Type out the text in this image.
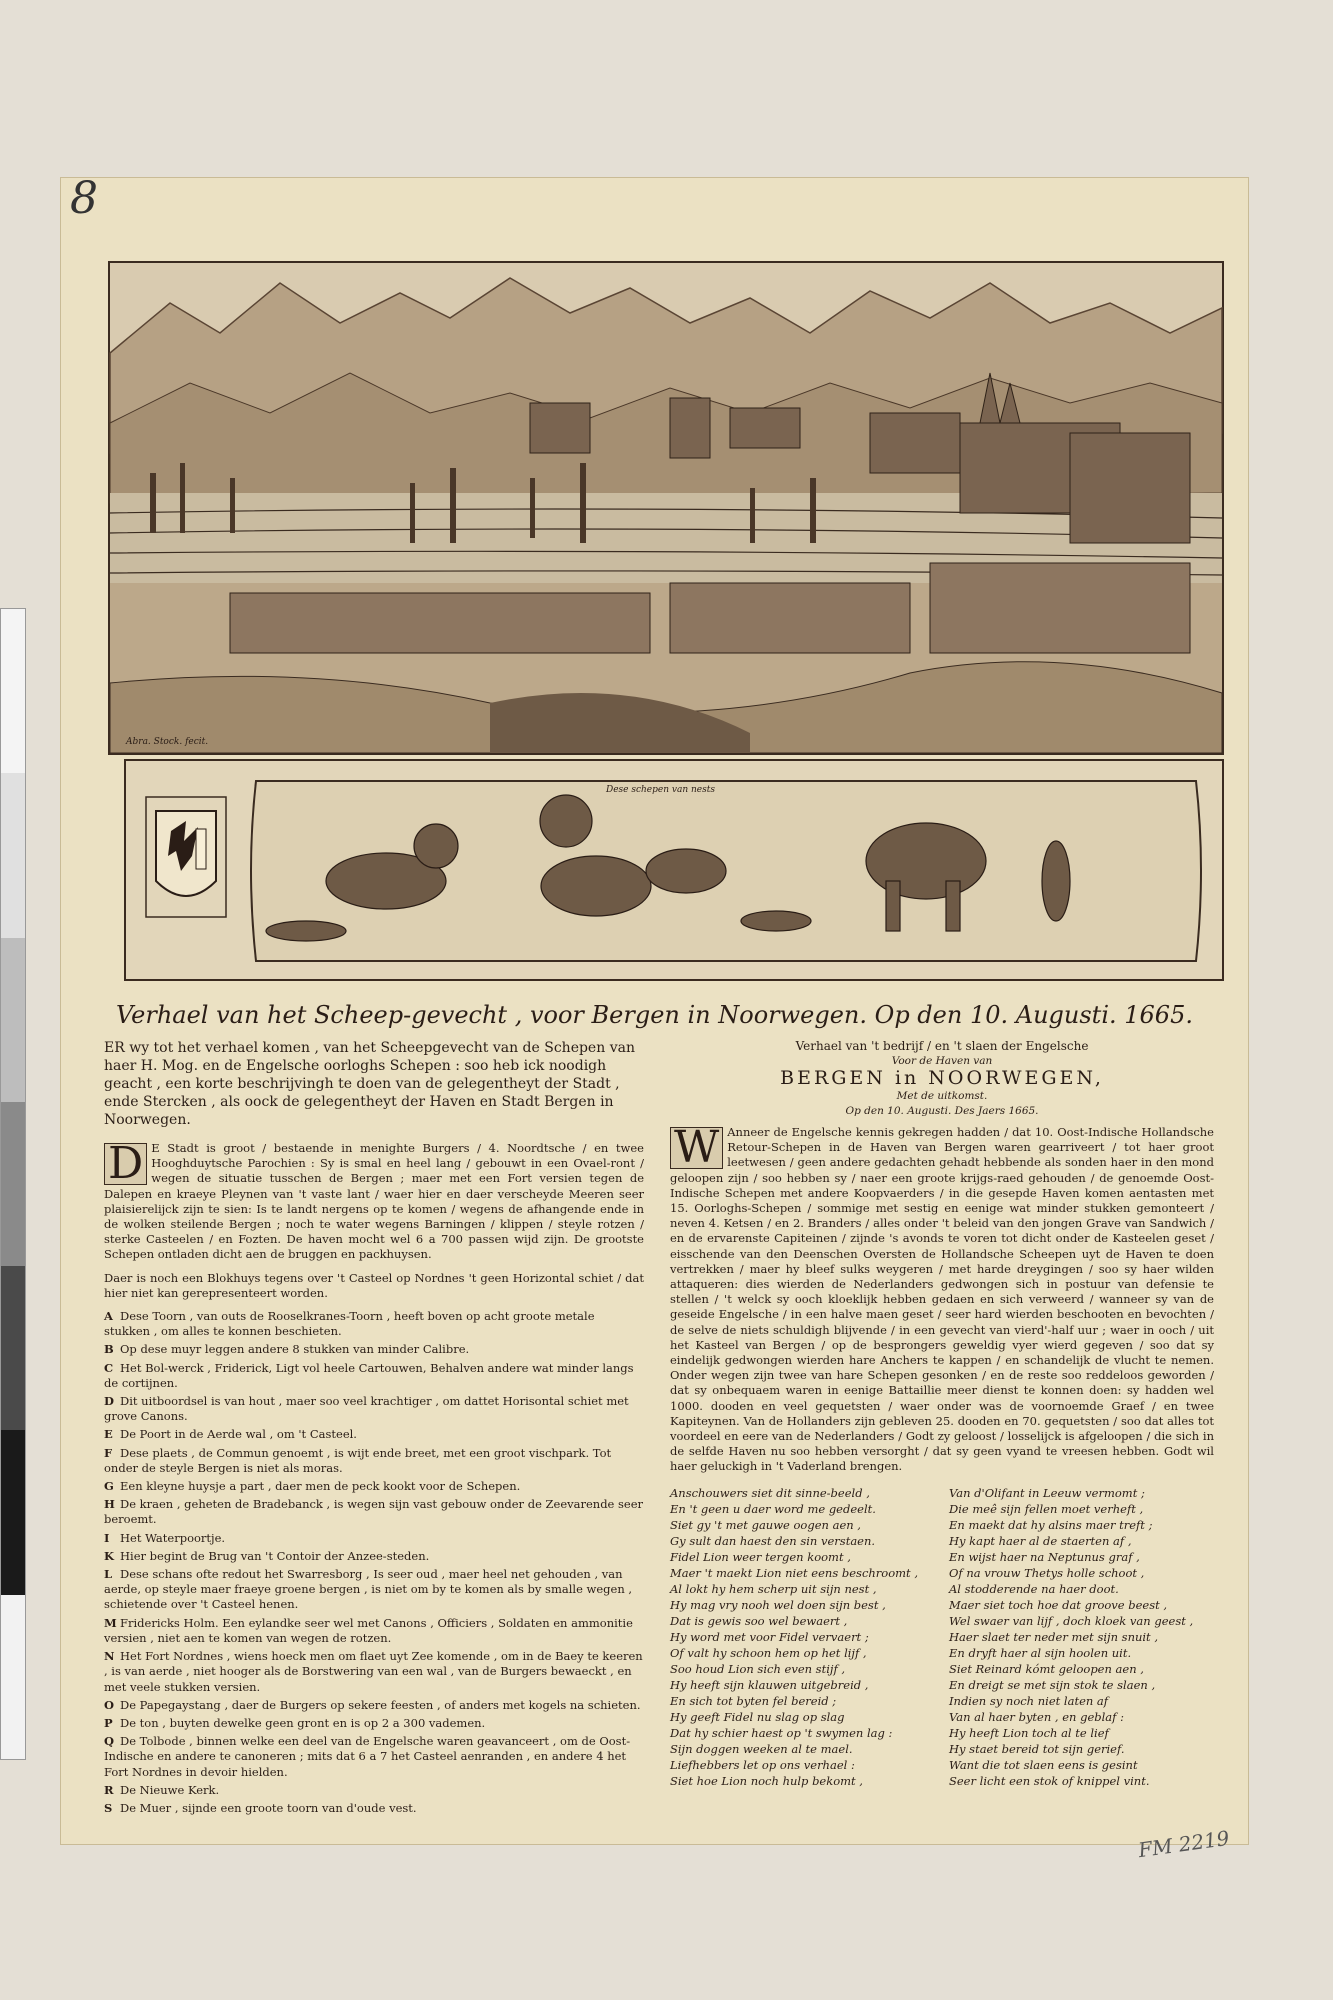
8
Abra. Stock. fecit.
Dese schepen van nests
Verhael van het Scheep-gevecht , voor Bergen in Noorwegen. Op den 10. Augusti. 1665.

ER wy tot het verhael komen , van het Scheepgevecht van de Schepen van haer H. Mog. en de Engelsche oorloghs Schepen : soo heb ick noodigh geacht , een korte beschrijvingh te doen van de gelegentheyt der Stadt , ende Stercken , als oock de gelegentheyt der Haven en Stadt Bergen in Noorwegen.

D E Stadt is groot / bestaende in menighte Burgers / 4. Noordtsche / en twee Hooghduytsche Parochien : Sy is smal en heel lang / gebouwt in een Ovael-ront / wegen de situatie tusschen de Bergen ; maer met een Fort versien tegen de Dalepen en kraeye Pleynen van 't vaste lant / waer hier en daer verscheyde Meeren seer plaisierelijck zijn te sien: Is te landt nergens op te komen / wegens de afhangende ende in de wolken steilende Bergen ; noch te water wegens Barningen / klippen / steyle rotzen / sterke Casteelen / en Fozten. De haven mocht wel 6 a 700 passen wijd zijn. De grootste Schepen ontladen dicht aen de bruggen en packhuysen.

Daer is noch een Blokhuys tegens over 't Casteel op Nordnes 't geen Horizontal schiet / dat hier niet kan gerepresenteert worden.

A Dese Toorn , van outs de Rooselkranes-Toorn , heeft boven op acht groote metale stukken , om alles te konnen beschieten.
B Op dese muyr leggen andere 8 stukken van minder Calibre.
C Het Bol-werck , Friderick, Ligt vol heele Cartouwen, Behalven andere wat minder langs de cortijnen.
D Dit uitboordsel is van hout , maer soo veel krachtiger , om dattet Horisontal schiet met grove Canons.
E De Poort in de Aerde wal , om 't Casteel.
F Dese plaets , de Commun genoemt , is wijt ende breet, met een groot vischpark. Tot onder de steyle Bergen is niet als moras.
G Een kleyne huysje a part , daer men de peck kookt voor de Schepen.
H De kraen , geheten de Bradebanck , is wegen sijn vast gebouw onder de Zeevarende seer beroemt.
I Het Waterpoortje.
K Hier begint de Brug van 't Contoir der Anzee-steden.
L Dese schans ofte redout het Swarresborg , Is seer oud , maer heel net gehouden , van aerde, op steyle maer fraeye groene bergen , is niet om by te komen als by smalle wegen , schietende over 't Casteel henen.
M Fridericks Holm. Een eylandke seer wel met Canons , Officiers , Soldaten en ammonitie versien , niet aen te komen van wegen de rotzen.
N Het Fort Nordnes , wiens hoeck men om flaet uyt Zee komende , om in de Baey te keeren , is van aerde , niet hooger als de Borstwering van een wal , van de Burgers bewaeckt , en met veele stukken versien.
O De Papegaystang , daer de Burgers op sekere feesten , of anders met kogels na schieten.
P De ton , buyten dewelke geen gront en is op 2 a 300 vademen.
Q De Tolbode , binnen welke een deel van de Engelsche waren geavanceert , om de Oost-Indische en andere te canoneren ; mits dat 6 a 7 het Casteel aenranden , en andere 4 het Fort Nordnes in devoir hielden.
R De Nieuwe Kerk.
S De Muer , sijnde een groote toorn van d'oude vest.
Verhael van 't bedrijf / en 't slaen der Engelsche
Voor de Haven van
BERGEN in NOORWEGEN,
Met de uitkomst.
Op den 10. Augusti. Des Jaers 1665.

W Anneer de Engelsche kennis gekregen hadden / dat 10. Oost-Indische Hollandsche Retour-Schepen in de Haven van Bergen waren gearriveert / tot haer groot leetwesen / geen andere gedachten gehadt hebbende als sonden haer in den mond geloopen zijn / soo hebben sy / naer een groote krijgs-raed gehouden / de genoemde Oost-Indische Schepen met andere Koopvaerders / in die gesepde Haven komen aentasten met 15. Oorloghs-Schepen / sommige met sestig en eenige wat minder stukken gemonteert / neven 4. Ketsen / en 2. Branders / alles onder 't beleid van den jongen Grave van Sandwich / en de ervarenste Capiteinen / zijnde 's avonds te voren tot dicht onder de Kasteelen geset / eisschende van den Deenschen Oversten de Hollandsche Scheepen uyt de Haven te doen vertrekken / maer hy bleef sulks weygeren / met harde dreygingen / soo sy haer wilden attaqueren: dies wierden de Nederlanders gedwongen sich in postuur van defensie te stellen / 't welck sy ooch kloeklijk hebben gedaen en sich verweerd / wanneer sy van de geseide Engelsche / in een halve maen geset / seer hard wierden beschooten en bevochten / de selve de niets schuldigh blijvende / in een gevecht van vierd'-half uur ; waer in ooch / uit het Kasteel van Bergen / op de besprongers geweldig vyer wierd gegeven / soo dat sy eindelijk gedwongen wierden hare Anchers te kappen / en schandelijk de vlucht te nemen. Onder wegen zijn twee van hare Schepen gesonken / en de reste soo reddeloos geworden / dat sy onbequaem waren in eenige Battaillie meer dienst te konnen doen: sy hadden wel 1000. dooden en veel gequetsten / waer onder was de voornoemde Graef / en twee Kapiteynen. Van de Hollanders zijn gebleven 25. dooden en 70. gequetsten / soo dat alles tot voordeel en eere van de Nederlanders / Godt zy geloost / losselijck is afgeloopen / die sich in de selfde Haven nu soo hebben versorght / dat sy geen vyand te vreesen hebben. Godt wil haer geluckigh in 't Vaderland brengen.

Anschouwers siet dit sinne-beeld ,
En 't geen u daer word me gedeelt.
Siet gy 't met gauwe oogen aen ,
Gy sult dan haest den sin verstaen.
Fidel Lion weer tergen koomt ,
Maer 't maekt Lion niet eens beschroomt ,
Al lokt hy hem scherp uit sijn nest ,
Hy mag vry nooh wel doen sijn best ,
Dat is gewis soo wel bewaert ,
Hy word met voor Fidel vervaert ;
Of valt hy schoon hem op het lijf ,
Soo houd Lion sich even stijf ,
Hy heeft sijn klauwen uitgebreid ,
En sich tot byten fel bereid ;
Hy geeft Fidel nu slag op slag
Dat hy schier haest op 't swymen lag :
Sijn doggen weeken al te mael.
Liefhebbers let op ons verhael :
Siet hoe Lion noch hulp bekomt ,
Van d'Olifant in Leeuw vermomt ;
Die meê sijn fellen moet verheft ,
En maekt dat hy alsins maer treft ;
Hy kapt haer al de staerten af ,
En wijst haer na Neptunus graf ,
Of na vrouw Thetys holle schoot ,
Al stodderende na haer doot.
Maer siet toch hoe dat groove beest ,
Wel swaer van lijf , doch kloek van geest ,
Haer slaet ter neder met sijn snuit ,
En dryft haer al sijn hoolen uit.
Siet Reinard kómt geloopen aen ,
En dreigt se met sijn stok te slaen ,
Indien sy noch niet laten af
Van al haer byten , en geblaf :
Hy heeft Lion toch al te lief
Hy staet bereid tot sijn gerief.
Want die tot slaen eens is gesint
Seer licht een stok of knippel vint.
FM 2219
